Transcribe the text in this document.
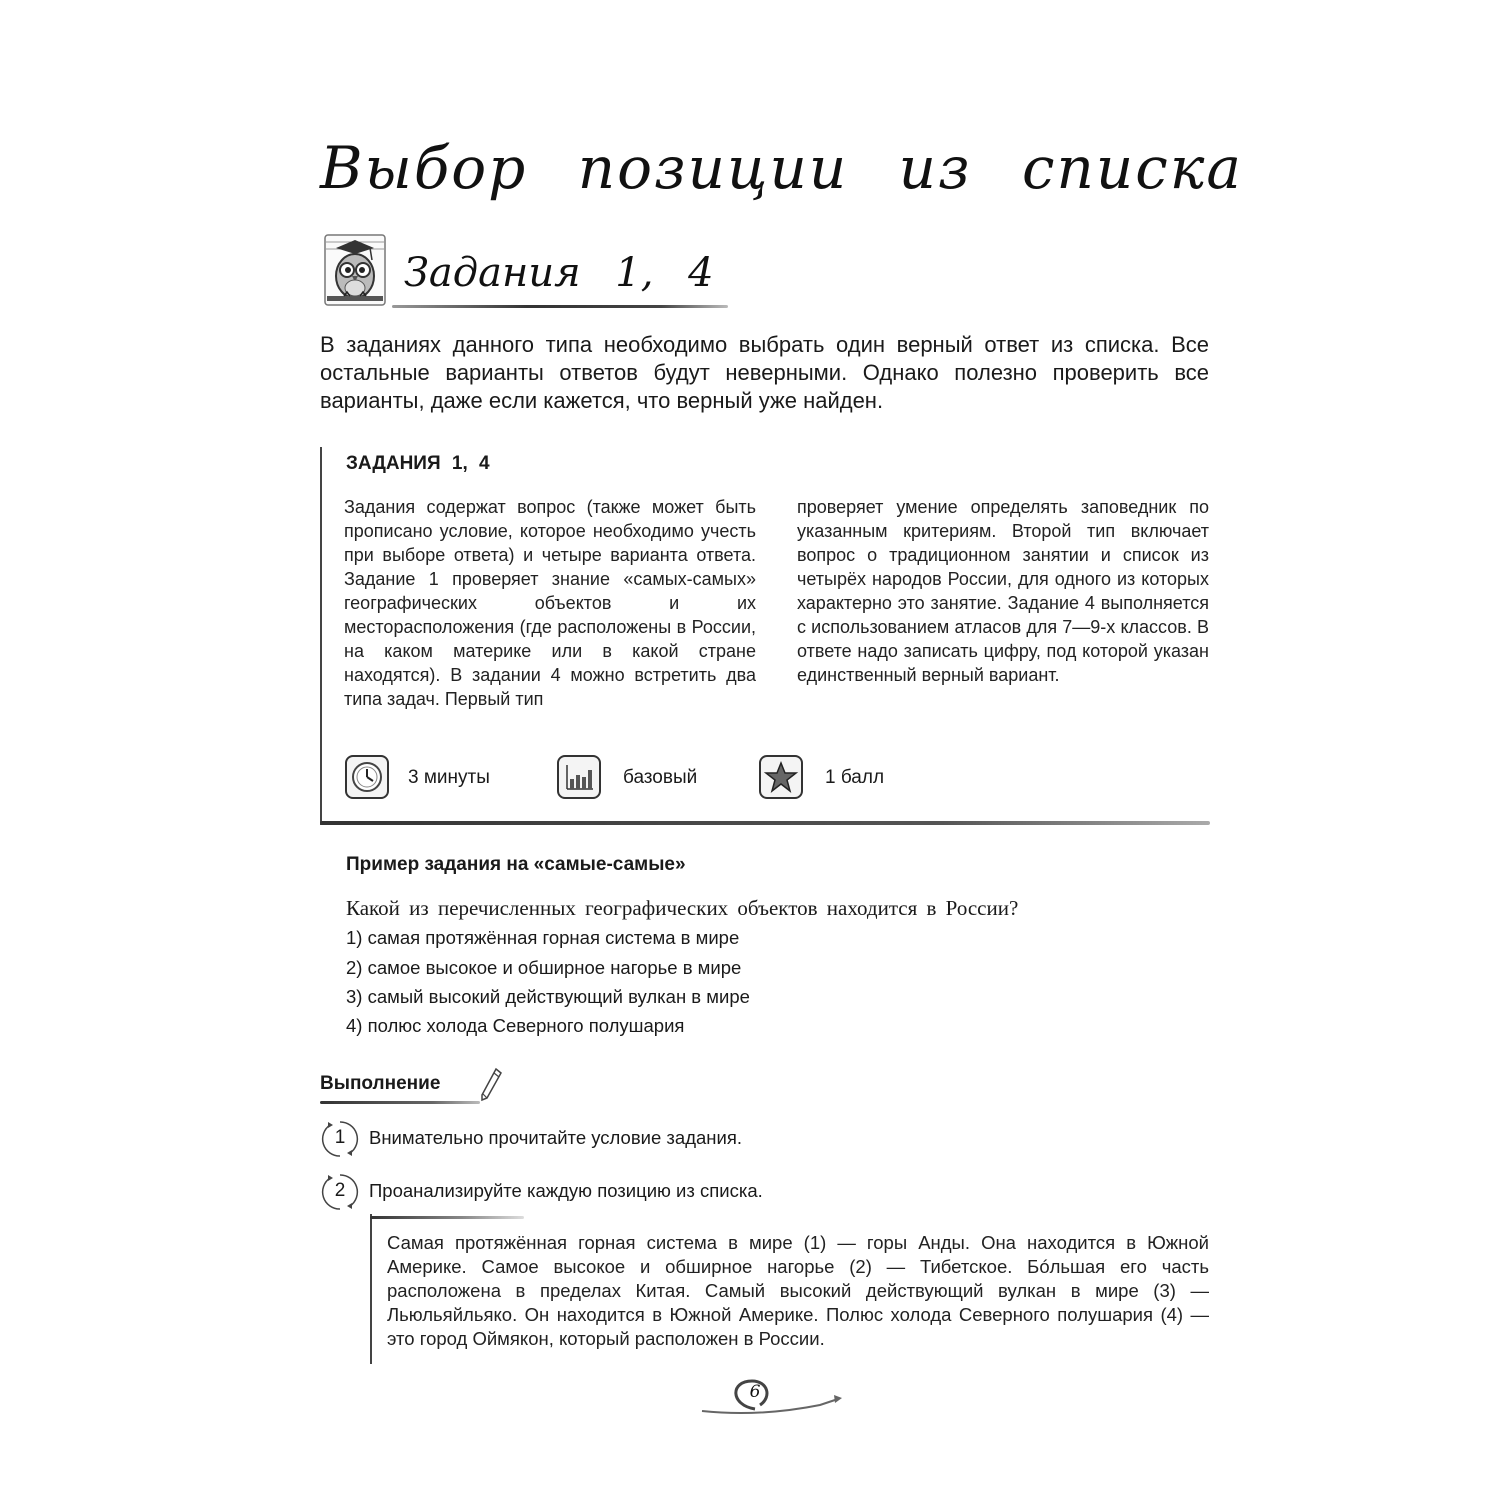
Выбор позиции из списка
Задания 1, 4
В заданиях данного типа необходимо выбрать один верный ответ из списка. Все остальные варианты ответов будут неверными. Однако полезно проверить все варианты, даже если кажется, что верный уже найден.
ЗАДАНИЯ 1, 4
Задания содержат вопрос (также может быть прописано условие, которое необходимо учесть при выборе ответа) и четыре варианта ответа. Задание 1 проверяет знание «самых-самых» географических объектов и их месторасположения (где расположены в России, на каком материке или в какой стране находятся). В задании 4 можно встретить два типа задач. Первый тип
проверяет умение определять заповедник по указанным критериям. Второй тип включает вопрос о традиционном занятии и список из четырёх народов России, для одного из которых характерно это занятие. Задание 4 выполняется с использованием атласов для 7—9-х классов. В ответе надо записать цифру, под которой указан единственный верный вариант.
3 минуты	базовый	1 балл
Пример задания на «самые-самые»
Какой из перечисленных географических объектов находится в России?
1) самая протяжённая горная система в мире
2) самое высокое и обширное нагорье в мире
3) самый высокий действующий вулкан в мире
4) полюс холода Северного полушария
Выполнение
1	Внимательно прочитайте условие задания.
2	Проанализируйте каждую позицию из списка.
Самая протяжённая горная система в мире (1) — горы Анды. Она находится в Южной Америке. Самое высокое и обширное нагорье (2) — Тибетское. Бóльшая его часть расположена в пределах Китая. Самый высокий действующий вулкан в мире (3) — Льюльяйльяко. Он находится в Южной Америке. Полюс холода Северного полушария (4) — это город Оймякон, который расположен в России.
6
